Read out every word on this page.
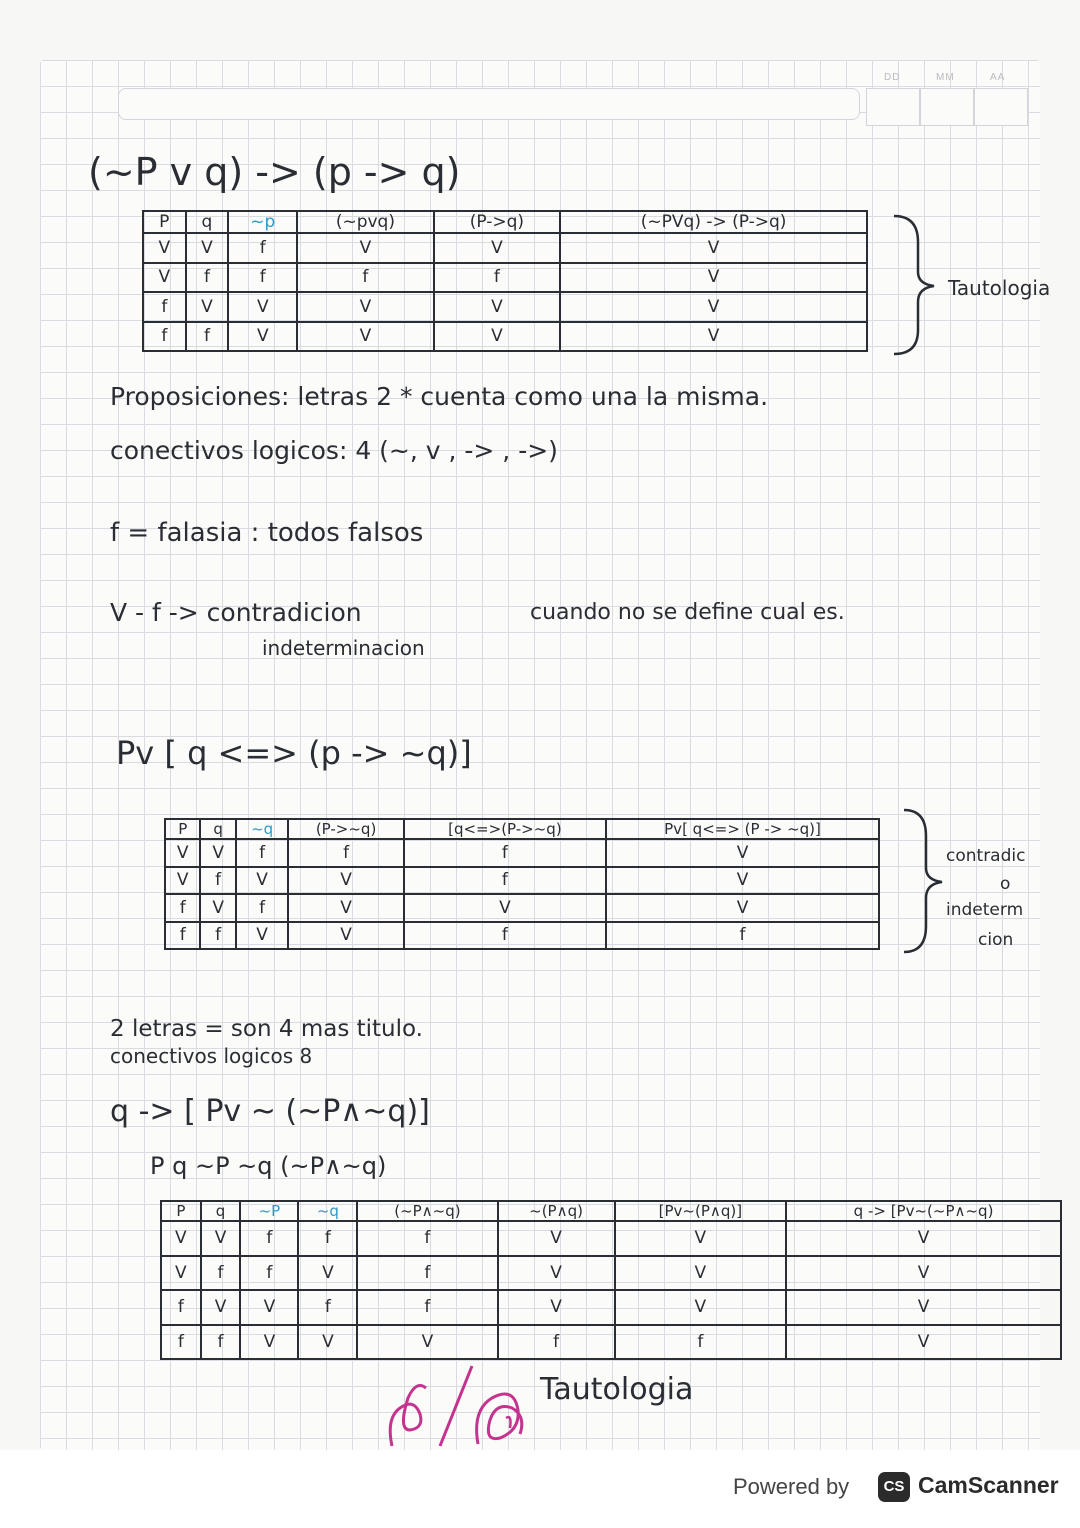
DD	MM	AA
(~P v q) -> (p -> q)
P	q	~p	(~pvq)	(P->q)	(~PVq) -> (P->q)
V	V	f	V	V	V
V	f	f	f	f	V
f	V	V	V	V	V
f	f	V	V	V	V
Tautologia
Proposiciones: letras 2 * cuenta como una la misma.
conectivos logicos: 4 (~, v , -> , ->)
f = falasia : todos falsos
V - f -> contradicion	cuando no se define cual es.
indeterminacion
Pv [ q <=> (p -> ~q)]
P	q	~q	(P->~q)	[q<=>(P->~q)	Pv[ q<=> (P -> ~q)]
V	V	f	f	f	V
V	f	V	V	f	V
f	V	f	V	V	V
f	f	V	V	f	f
contradic
o
indeterm
cion
2 letras = son 4 mas titulo.
conectivos logicos 8
q -> [ Pv ~ (~P∧~q)]
P q ~P ~q (~P∧~q)
P	q	~P	~q	(~P∧~q)	~(P∧q)	[Pv~(P∧q)]	q -> [Pv~(~P∧~q)
V	V	f	f	f	V	V	V
V	f	f	V	f	V	V	V
f	V	V	f	f	V	V	V
f	f	V	V	V	f	f	V
Tautologia
Powered by	CS CamScanner
